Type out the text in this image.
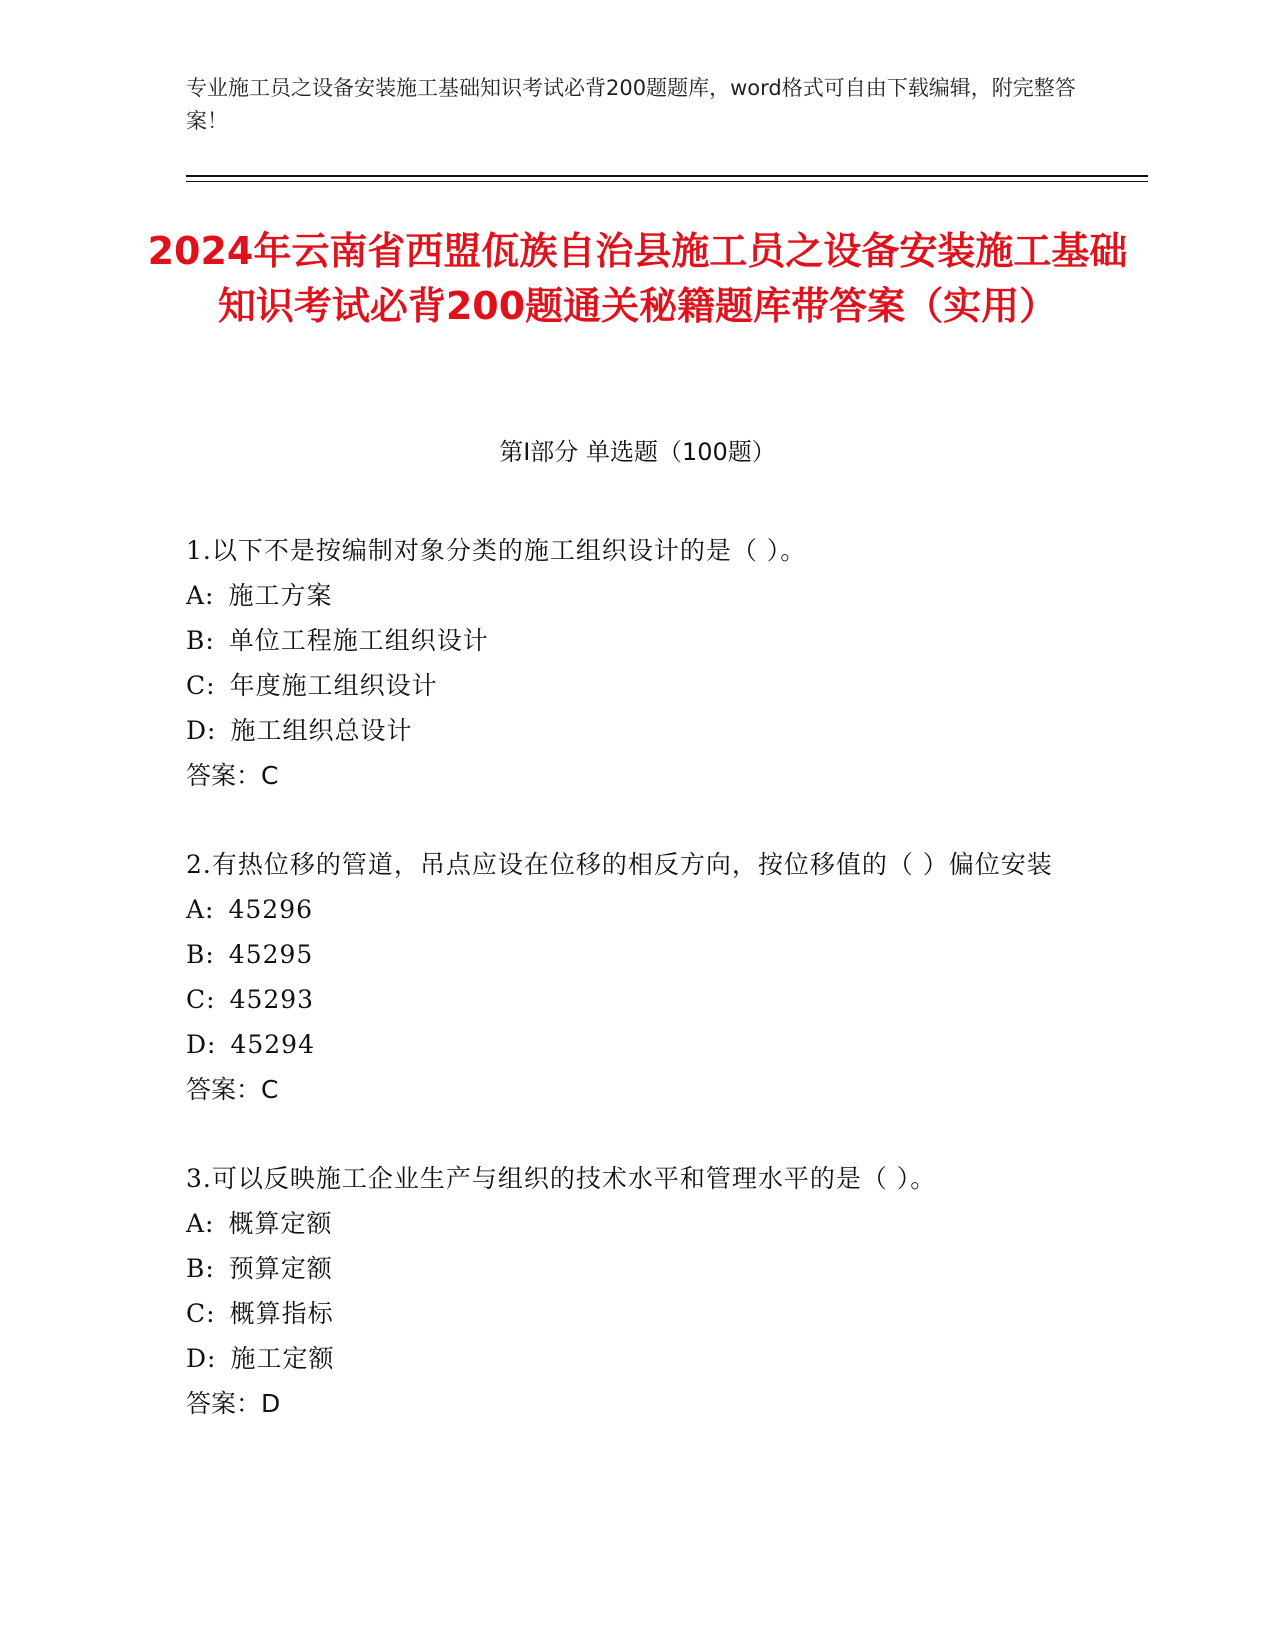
专业施工员之设备安装施工基础知识考试必背200题题库，word格式可自由下载编辑，附完整答案！
2024年云南省西盟佤族自治县施工员之设备安装施工基础知识考试必背200题通关秘籍题库带答案（实用）
第I部分 单选题（100题）
1.以下不是按编制对象分类的施工组织设计的是（ ）。
A: 施工方案
B: 单位工程施工组织设计
C: 年度施工组织设计
D: 施工组织总设计
答案：C
2.有热位移的管道，吊点应设在位移的相反方向，按位移值的（ ）偏位安装
A: 45296
B: 45295
C: 45293
D: 45294
答案：C
3.可以反映施工企业生产与组织的技术水平和管理水平的是（ ）。
A: 概算定额
B: 预算定额
C: 概算指标
D: 施工定额
答案：D
